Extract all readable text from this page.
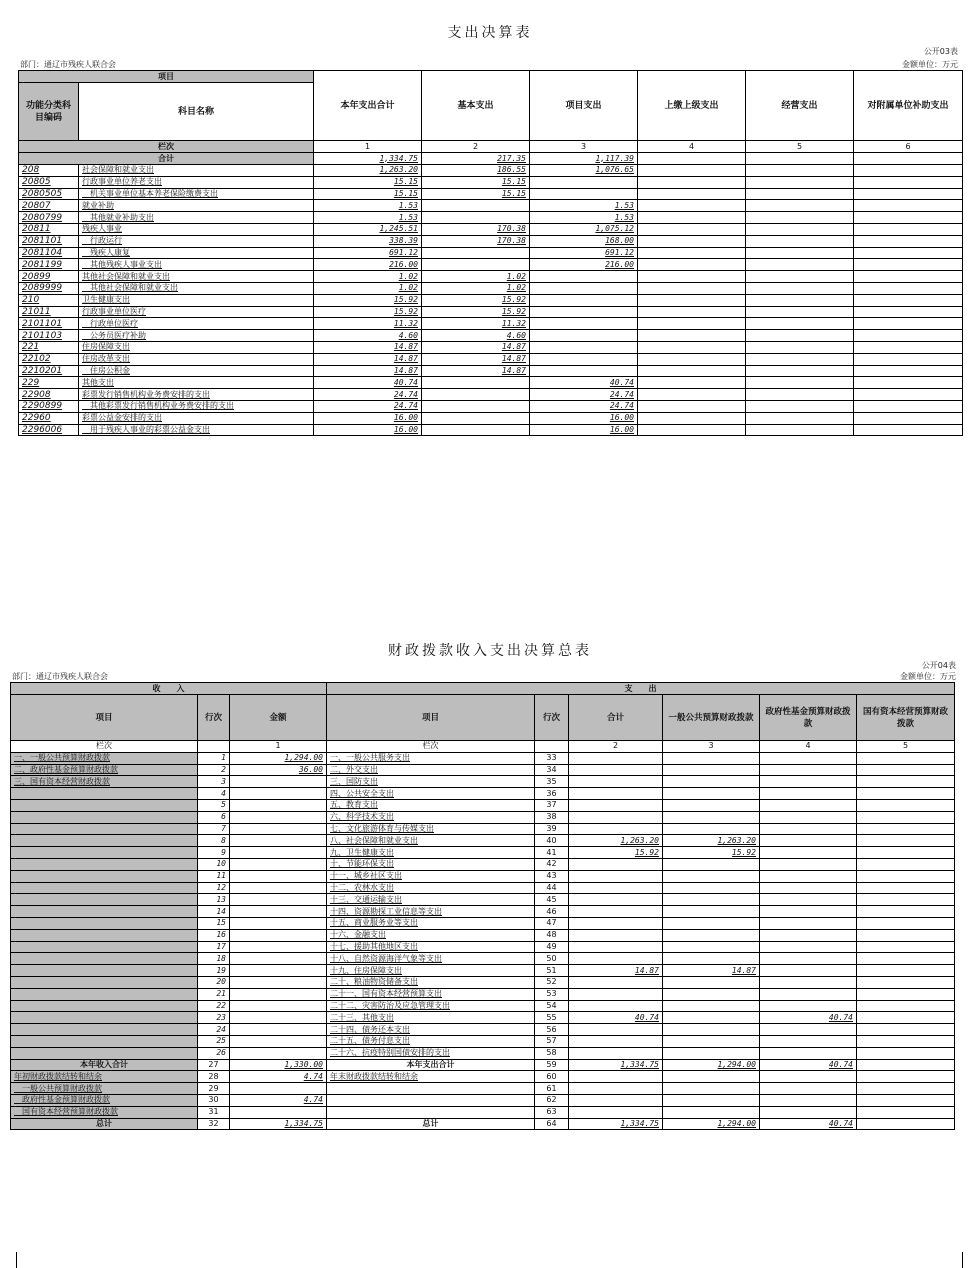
支出决算表
公开03表
部门：通辽市残疾人联合会	金额单位：万元
项目		本年支出合计	基本支出	项目支出	上缴上级支出	经营支出	对附属单位补助支出
功能分类科目编码	科目名称						
栏次		1	2	3	4	5	6
合计		1,334.75	217.35	1,117.39			
208	社会保障和就业支出	1,263.20	186.55	1,076.65			
20805	行政事业单位养老支出	15.15	15.15				
2080505	　机关事业单位基本养老保险缴费支出	15.15	15.15				
20807	就业补助	1.53		1.53			
2080799	　其他就业补助支出	1.53		1.53			
20811	残疾人事业	1,245.51	170.38	1,075.12			
2081101	　行政运行	338.39	170.38	168.00			
2081104	　残疾人康复	691.12		691.12			
2081199	　其他残疾人事业支出	216.00		216.00			
20899	其他社会保障和就业支出	1.02	1.02				
2089999	　其他社会保障和就业支出	1.02	1.02				
210	卫生健康支出	15.92	15.92				
21011	行政事业单位医疗	15.92	15.92				
2101101	　行政单位医疗	11.32	11.32				
2101103	　公务员医疗补助	4.60	4.60				
221	住房保障支出	14.87	14.87				
22102	住房改革支出	14.87	14.87				
2210201	　住房公积金	14.87	14.87				
229	其他支出	40.74		40.74			
22908	彩票发行销售机构业务费安排的支出	24.74		24.74			
2290899	　其他彩票发行销售机构业务费安排的支出	24.74		24.74			
22960	彩票公益金安排的支出	16.00		16.00			
2296006	　用于残疾人事业的彩票公益金支出	16.00		16.00			
财政拨款收入支出决算总表
公开04表
部门：通辽市残疾人联合会	金额单位：万元
收　　入			支　　出					
项目	行次	金额	项目	行次	合计	一般公共预算财政拨款	政府性基金预算财政拨款	国有资本经营预算财政拨款
栏次		1	栏次		2	3	4	5
一、一般公共预算财政拨款	1	1,294.00	一、一般公共服务支出	33				
二、政府性基金预算财政拨款	2	36.00	二、外交支出	34				
三、国有资本经营财政拨款	3		三、国防支出	35				
	4		四、公共安全支出	36				
	5		五、教育支出	37				
	6		六、科学技术支出	38				
	7		七、文化旅游体育与传媒支出	39				
	8		八、社会保障和就业支出	40	1,263.20	1,263.20		
	9		九、卫生健康支出	41	15.92	15.92		
	10		十、节能环保支出	42				
	11		十一、城乡社区支出	43				
	12		十二、农林水支出	44				
	13		十三、交通运输支出	45				
	14		十四、资源勘探工业信息等支出	46				
	15		十五、商业服务业等支出	47				
	16		十六、金融支出	48				
	17		十七、援助其他地区支出	49				
	18		十八、自然资源海洋气象等支出	50				
	19		十九、住房保障支出	51	14.87	14.87		
	20		二十、粮油物资储备支出	52				
	21		二十一、国有资本经营预算支出	53				
	22		二十二、灾害防治及应急管理支出	54				
	23		二十三、其他支出	55	40.74		40.74	
	24		二十四、债务还本支出	56				
	25		二十五、债务付息支出	57				
	26		二十六、抗疫特别国债安排的支出	58				
本年收入合计	27	1,330.00	本年支出合计	59	1,334.75	1,294.00	40.74	
年初财政拨款结转和结余	28	4.74	年末财政拨款结转和结余	60				
　一般公共预算财政拨款	29			61				
　政府性基金预算财政拨款	30	4.74		62				
　国有资本经营预算财政拨款	31			63				
总计	32	1,334.75	总计	64	1,334.75	1,294.00	40.74	
